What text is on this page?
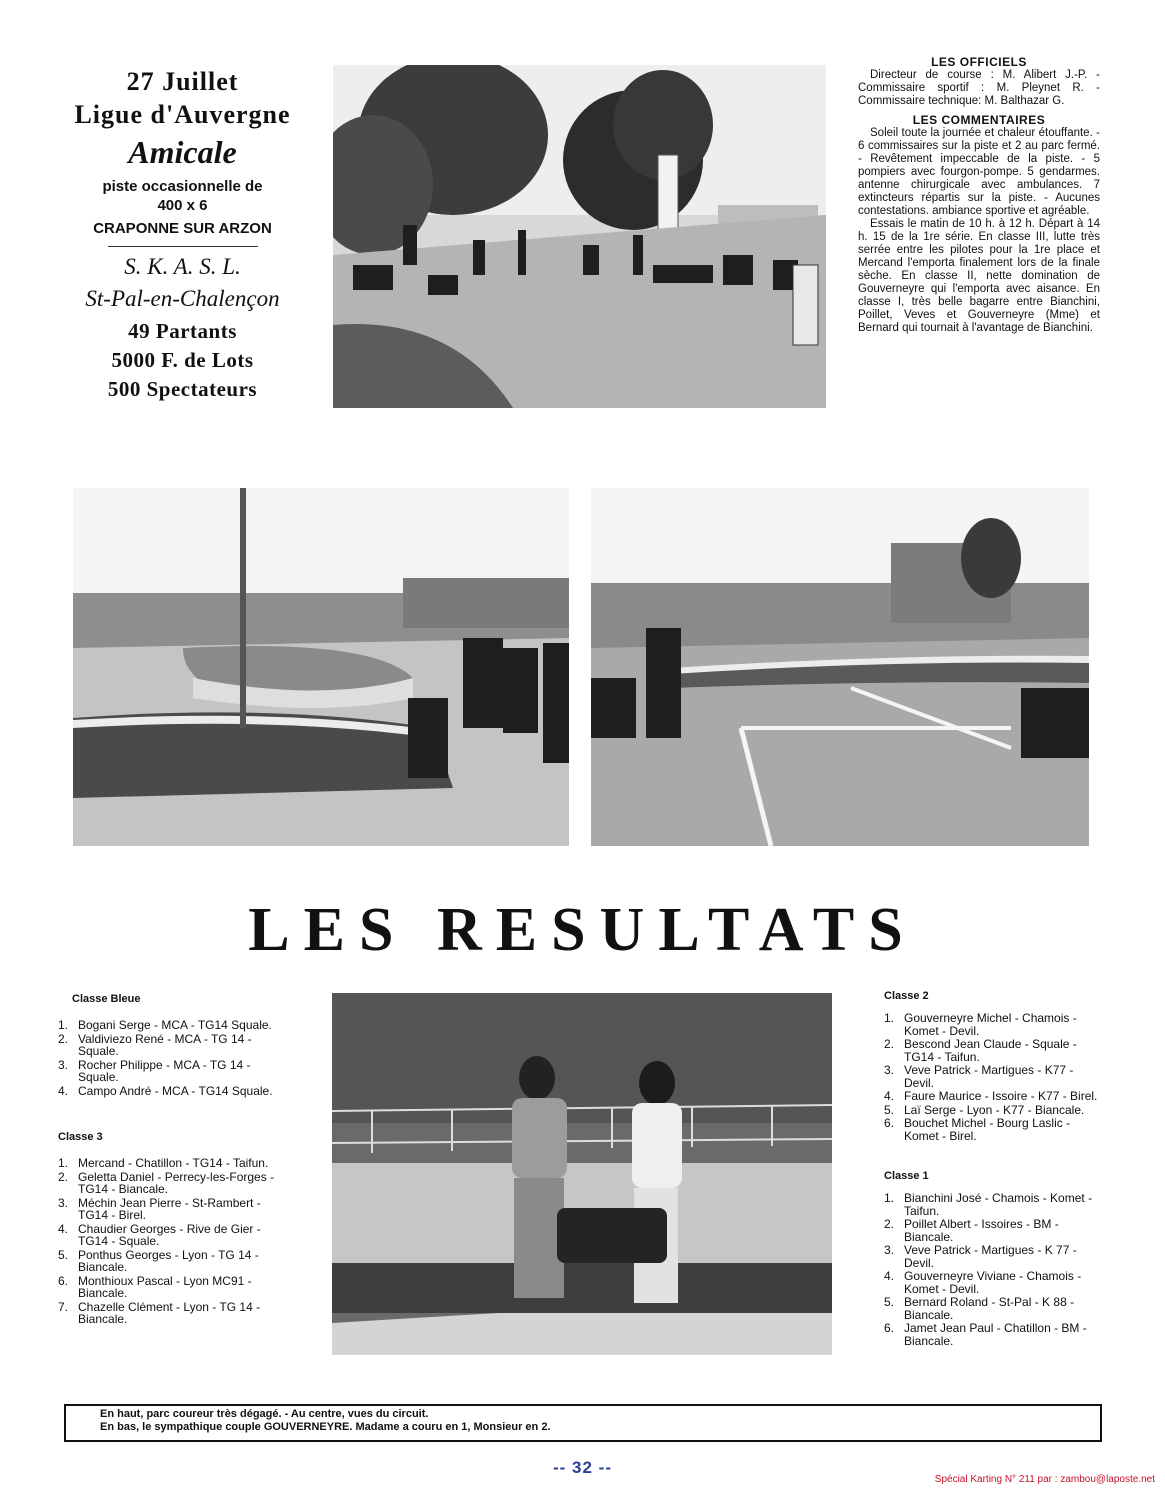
27 Juillet
Ligue d'Auvergne
Amicale
piste occasionnelle de
400 x 6
CRAPONNE SUR ARZON
S. K. A. S. L.
St-Pal-en-Chalençon
49 Partants
5000 F. de Lots
500 Spectateurs
LES OFFICIELS
Directeur de course : M. Alibert J.-P. - Commissaire sportif : M. Pleynet R. - Commissaire technique: M. Balthazar G.
LES COMMENTAIRES
Soleil toute la journée et chaleur étouffante. - 6 commissaires sur la piste et 2 au parc fermé. - Revêtement impeccable de la piste. - 5 pompiers avec fourgon-pompe. 5 gendarmes. antenne chirurgicale avec ambulances. 7 extincteurs répartis sur la piste. - Aucunes contestations. ambiance sportive et agréable.
Essais le matin de 10 h. à 12 h. Départ à 14 h. 15 de la 1re série. En classe III, lutte très serrée entre les pilotes pour la 1re place et Mercand l'emporta finalement lors de la finale sèche. En classe II, nette domination de Gouverneyre qui l'emporta avec aisance. En classe I, très belle bagarre entre Bianchini, Poillet, Veves et Gouverneyre (Mme) et Bernard qui tournait à l'avantage de Bianchini.
LES RESULTATS
Classe Bleue
1. Bogani Serge - MCA - TG14 Squale.
2. Valdiviezo René - MCA - TG 14 - Squale.
3. Rocher Philippe - MCA - TG 14 - Squale.
4. Campo André - MCA - TG14 Squale.
Classe 3
1. Mercand - Chatillon - TG14 - Taifun.
2. Geletta Daniel - Perrecy-les-Forges - TG14 - Biancale.
3. Méchin Jean Pierre - St-Rambert - TG14 - Birel.
4. Chaudier Georges - Rive de Gier - TG14 - Squale.
5. Ponthus Georges - Lyon - TG 14 - Biancale.
6. Monthioux Pascal - Lyon MC91 - Biancale.
7. Chazelle Clément - Lyon - TG 14 - Biancale.
Classe 2
1. Gouverneyre Michel - Chamois - Komet - Devil.
2. Bescond Jean Claude - Squale - TG14 - Taifun.
3. Veve Patrick - Martigues - K77 - Devil.
4. Faure Maurice - Issoire - K77 - Birel.
5. Laï Serge - Lyon - K77 - Biancale.
6. Bouchet Michel - Bourg Laslic - Komet - Birel.
Classe 1
1. Bianchini José - Chamois - Komet - Taifun.
2. Poillet Albert - Issoires - BM - Biancale.
3. Veve Patrick - Martigues - K 77 - Devil.
4. Gouverneyre Viviane - Chamois - Komet - Devil.
5. Bernard Roland - St-Pal - K 88 - Biancale.
6. Jamet Jean Paul - Chatillon - BM - Biancale.
En haut, parc coureur très dégagé. - Au centre, vues du circuit.
En bas, le sympathique couple GOUVERNEYRE. Madame a couru en 1, Monsieur en 2.
-- 32 --
Spécial Karting N° 211 par : zambou@laposte.net
